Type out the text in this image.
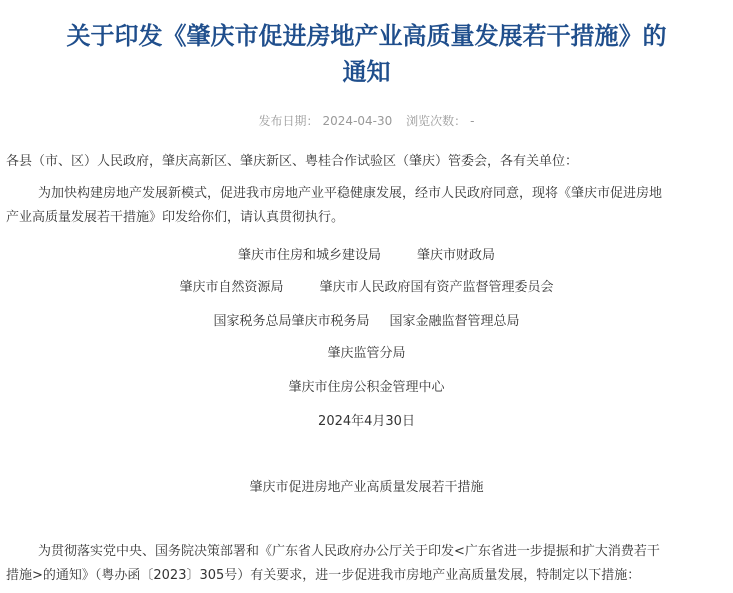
关于印发《肇庆市促进房地产业高质量发展若干措施》的
通知
发布日期： 2024-04-30 浏览次数： -
各县（市、区）人民政府，肇庆高新区、肇庆新区、粤桂合作试验区（肇庆）管委会，各有关单位：
为加快构建房地产发展新模式，促进我市房地产业平稳健康发展，经市人民政府同意，现将《肇庆市促进房地
产业高质量发展若干措施》印发给你们，请认真贯彻执行。
肇庆市住房和城乡建设局	肇庆市财政局
肇庆市自然资源局	肇庆市人民政府国有资产监督管理委员会
国家税务总局肇庆市税务局 国家金融监督管理总局
肇庆监管分局
肇庆市住房公积金管理中心
2024年4月30日
肇庆市促进房地产业高质量发展若干措施
为贯彻落实党中央、国务院决策部署和《广东省人民政府办公厅关于印发<广东省进一步提振和扩大消费若干
措施>的通知》（粤办函〔2023〕305号）有关要求，进一步促进我市房地产业高质量发展，特制定以下措施：
